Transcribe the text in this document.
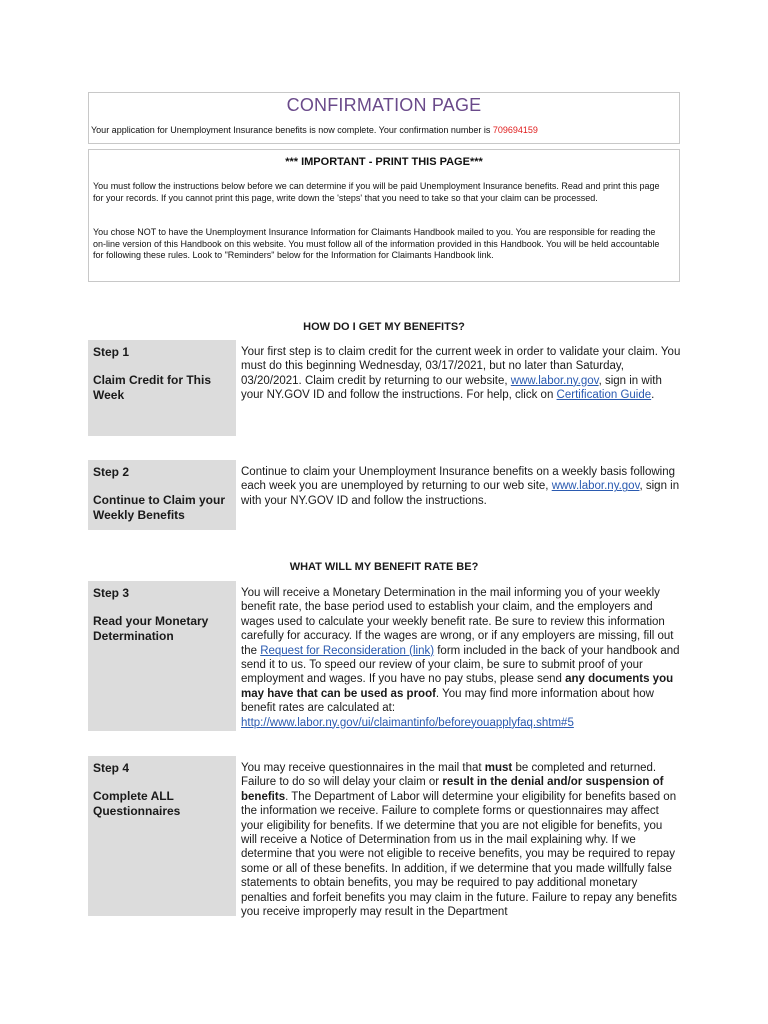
CONFIRMATION PAGE
Your application for Unemployment Insurance benefits is now complete. Your confirmation number is 709694159
*** IMPORTANT - PRINT THIS PAGE***
You must follow the instructions below before we can determine if you will be paid Unemployment Insurance benefits. Read and print this page for your records. If you cannot print this page, write down the 'steps' that you need to take so that your claim can be processed.
You chose NOT to have the Unemployment Insurance Information for Claimants Handbook mailed to you. You are responsible for reading the on-line version of this Handbook on this website. You must follow all of the information provided in this Handbook. You will be held accountable for following these rules. Look to "Reminders" below for the Information for Claimants Handbook link.
HOW DO I GET MY BENEFITS?
Step 1
Claim Credit for This Week
Your first step is to claim credit for the current week in order to validate your claim. You must do this beginning Wednesday, 03/17/2021, but no later than Saturday, 03/20/2021. Claim credit by returning to our website, www.labor.ny.gov, sign in with your NY.GOV ID and follow the instructions. For help, click on Certification Guide.
Step 2
Continue to Claim your Weekly Benefits
Continue to claim your Unemployment Insurance benefits on a weekly basis following each week you are unemployed by returning to our web site, www.labor.ny.gov, sign in with your NY.GOV ID and follow the instructions.
WHAT WILL MY BENEFIT RATE BE?
Step 3
Read your Monetary Determination
You will receive a Monetary Determination in the mail informing you of your weekly benefit rate, the base period used to establish your claim, and the employers and wages used to calculate your weekly benefit rate. Be sure to review this information carefully for accuracy. If the wages are wrong, or if any employers are missing, fill out the Request for Reconsideration (link) form included in the back of your handbook and send it to us. To speed our review of your claim, be sure to submit proof of your employment and wages. If you have no pay stubs, please send any documents you may have that can be used as proof. You may find more information about how benefit rates are calculated at: http://www.labor.ny.gov/ui/claimantinfo/beforeyouapplyfaq.shtm#5
Step 4
Complete ALL Questionnaires
You may receive questionnaires in the mail that must be completed and returned. Failure to do so will delay your claim or result in the denial and/or suspension of benefits. The Department of Labor will determine your eligibility for benefits based on the information we receive. Failure to complete forms or questionnaires may affect your eligibility for benefits. If we determine that you are not eligible for benefits, you will receive a Notice of Determination from us in the mail explaining why. If we determine that you were not eligible to receive benefits, you may be required to repay some or all of these benefits. In addition, if we determine that you made willfully false statements to obtain benefits, you may be required to pay additional monetary penalties and forfeit benefits you may claim in the future. Failure to repay any benefits you receive improperly may result in the Department
